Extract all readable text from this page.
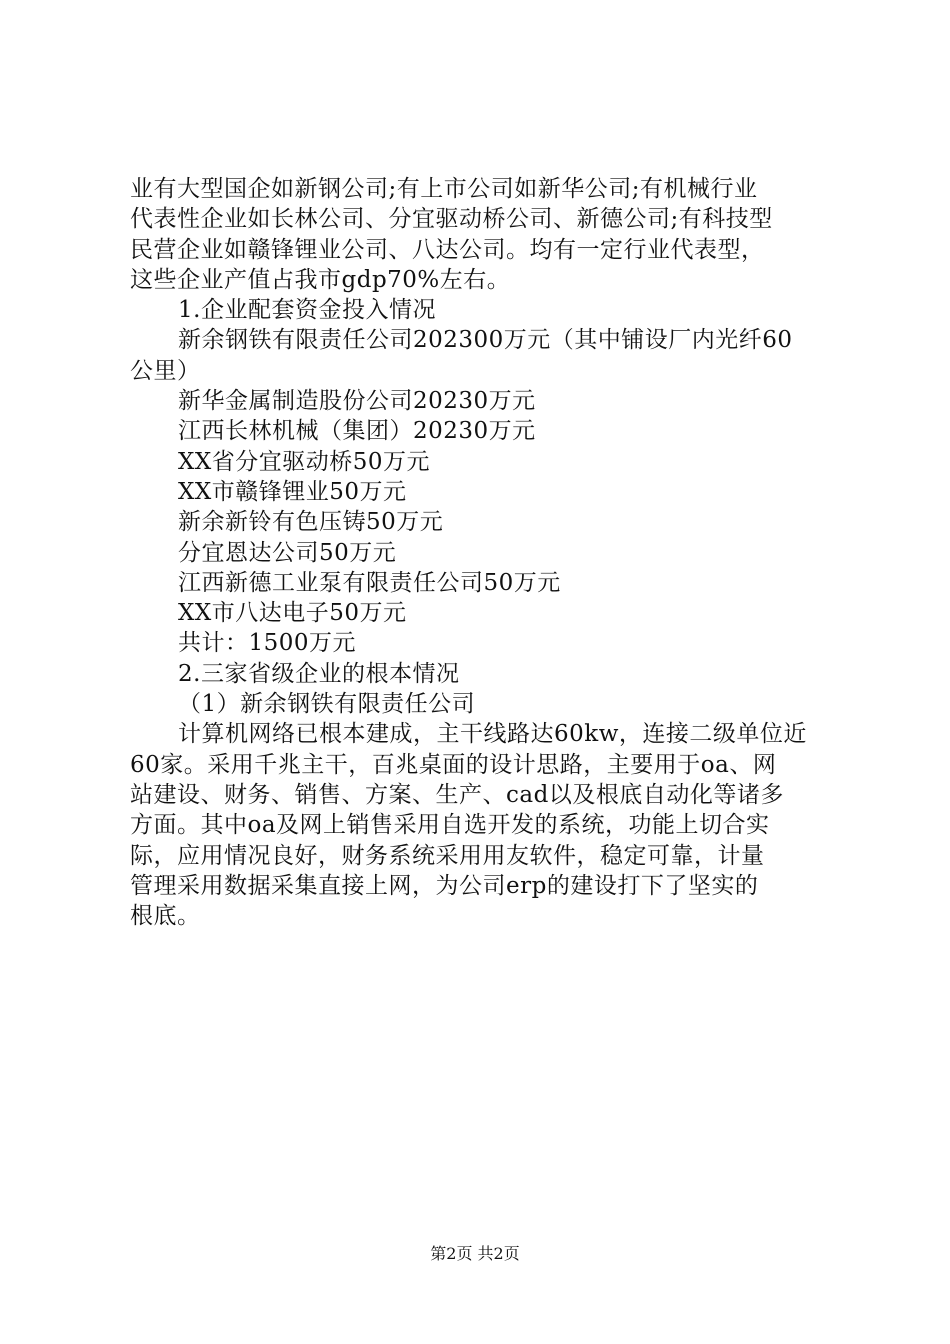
业有大型国企如新钢公司;有上市公司如新华公司;有机械行业
代表性企业如长林公司、分宜驱动桥公司、新德公司;有科技型
民营企业如赣锋锂业公司、八达公司。均有一定行业代表型，
这些企业产值占我市gdp70%左右。
1.企业配套资金投入情况
新余钢铁有限责任公司202300万元（其中铺设厂内光纤60
公里）
新华金属制造股份公司20230万元
江西长林机械（集团）20230万元
XX省分宜驱动桥50万元
XX市赣锋锂业50万元
新余新铃有色压铸50万元
分宜恩达公司50万元
江西新德工业泵有限责任公司50万元
XX市八达电子50万元
共计：1500万元
2.三家省级企业的根本情况
（1）新余钢铁有限责任公司
计算机网络已根本建成，主干线路达60kw，连接二级单位近
60家。采用千兆主干，百兆桌面的设计思路，主要用于oa、网
站建设、财务、销售、方案、生产、cad以及根底自动化等诸多
方面。其中oa及网上销售采用自选开发的系统，功能上切合实
际，应用情况良好，财务系统采用用友软件，稳定可靠，计量
管理采用数据采集直接上网，为公司erp的建设打下了坚实的
根底。
第2页 共2页
